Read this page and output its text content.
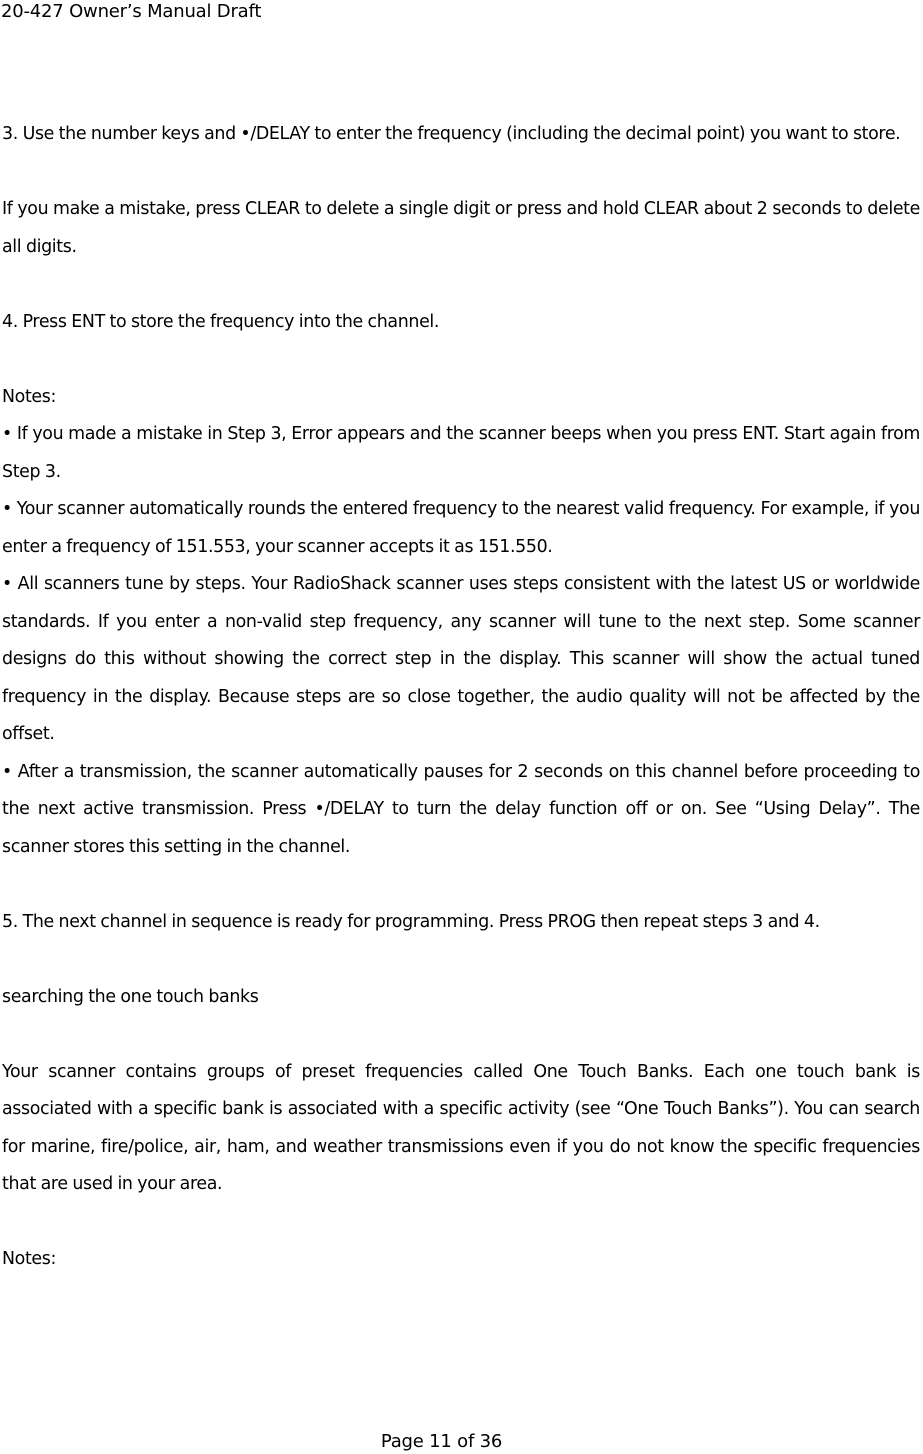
20-427 Owner’s Manual Draft

3. Use the number keys and •/DELAY to enter the frequency (including the decimal point) you want to store.

If you make a mistake, press CLEAR to delete a single digit or press and hold CLEAR about 2 seconds to delete all digits.

4. Press ENT to store the frequency into the channel.

Notes:

• If you made a mistake in Step 3, Error appears and the scanner beeps when you press ENT. Start again from Step 3.

• Your scanner automatically rounds the entered frequency to the nearest valid frequency. For example, if you enter a frequency of 151.553, your scanner accepts it as 151.550.

• All scanners tune by steps. Your RadioShack scanner uses steps consistent with the latest US or worldwide standards. If you enter a non-valid step frequency, any scanner will tune to the next step. Some scanner designs do this without showing the correct step in the display. This scanner will show the actual tuned frequency in the display. Because steps are so close together, the audio quality will not be affected by the offset.

• After a transmission, the scanner automatically pauses for 2 seconds on this channel before proceeding to the next active transmission. Press •/DELAY to turn the delay function off or on. See “Using Delay”. The scanner stores this setting in the channel.

5. The next channel in sequence is ready for programming. Press PROG then repeat steps 3 and 4.

searching the one touch banks

Your scanner contains groups of preset frequencies called One Touch Banks. Each one touch bank is associated with a specific bank is associated with a specific activity (see “One Touch Banks”). You can search for marine, fire/police, air, ham, and weather transmissions even if you do not know the specific frequencies that are used in your area.

Notes:

Page 11 of 36
